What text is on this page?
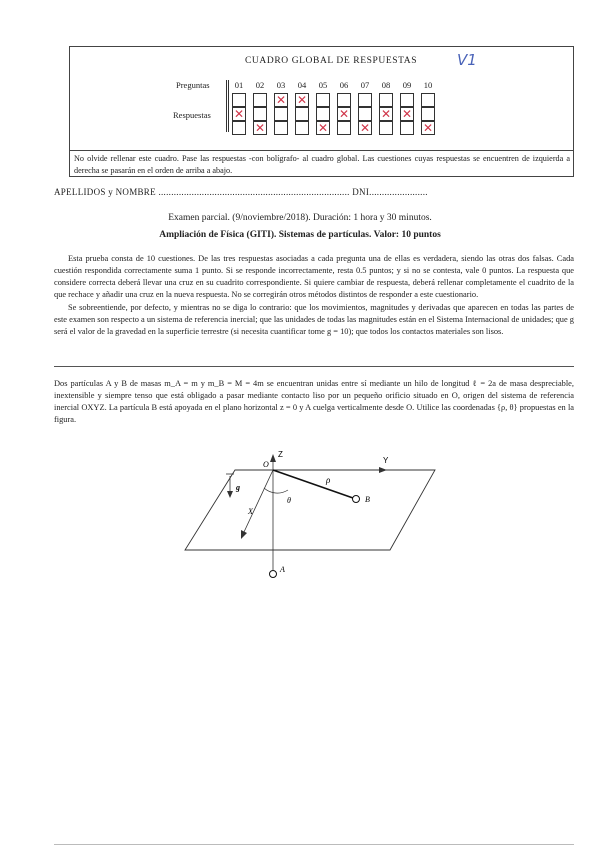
CUADRO GLOBAL DE RESPUESTAS	V1
Preguntas
Respuestas
01
✕
02
✕
03
✕
04
✕
05
✕
06
✕
07
✕
08
✕
09
✕
10
✕
No olvide rellenar este cuadro. Pase las respuestas -con bolígrafo- al cuadro global. Las cuestiones cuyas respuestas se encuentren de izquierda a derecha se pasarán en el orden de arriba a abajo.
APELLIDOS y NOMBRE ........................................................................... DNI.......................
Examen parcial. (9/noviembre/2018). Duración: 1 hora y 30 minutos.
Ampliación de Física (GITI). Sistemas de partículas. Valor: 10 puntos
Esta prueba consta de 10 cuestiones. De las tres respuestas asociadas a cada pregunta una de ellas es verdadera, siendo las otras dos falsas. Cada cuestión respondida correctamente suma 1 punto. Si se responde incorrectamente, resta 0.5 puntos; y si no se contesta, vale 0 puntos. La respuesta que considere correcta deberá llevar una cruz en su cuadrito correspondiente. Si quiere cambiar de respuesta, deberá rellenar completamente el cuadrito de la que rechace y añadir una cruz en la nueva respuesta. No se corregirán otros métodos distintos de responder a este cuestionario.
Se sobreentiende, por defecto, y mientras no se diga lo contrario: que los movimientos, magnitudes y derivadas que aparecen en todas las partes de este examen son respecto a un sistema de referencia inercial; que las unidades de todas las magnitudes están en el Sistema Internacional de unidades; que g será el valor de la gravedad en la superficie terrestre (si necesita cuantificar tome g = 10); que todos los contactos materiales son lisos.
Dos partículas A y B de masas m_A = m y m_B = M = 4m se encuentran unidas entre sí mediante un hilo de longitud ℓ = 2a de masa despreciable, inextensible y siempre tenso que está obligado a pasar mediante contacto liso por un pequeño orificio situado en O, origen del sistema de referencia inercial OXYZ. La partícula B está apoyada en el plano horizontal z = 0 y A cuelga verticalmente desde O. Utilice las coordenadas {ρ, θ} propuestas en la figura.
Z
Y
X
O
B
A
ρ
θ
g
